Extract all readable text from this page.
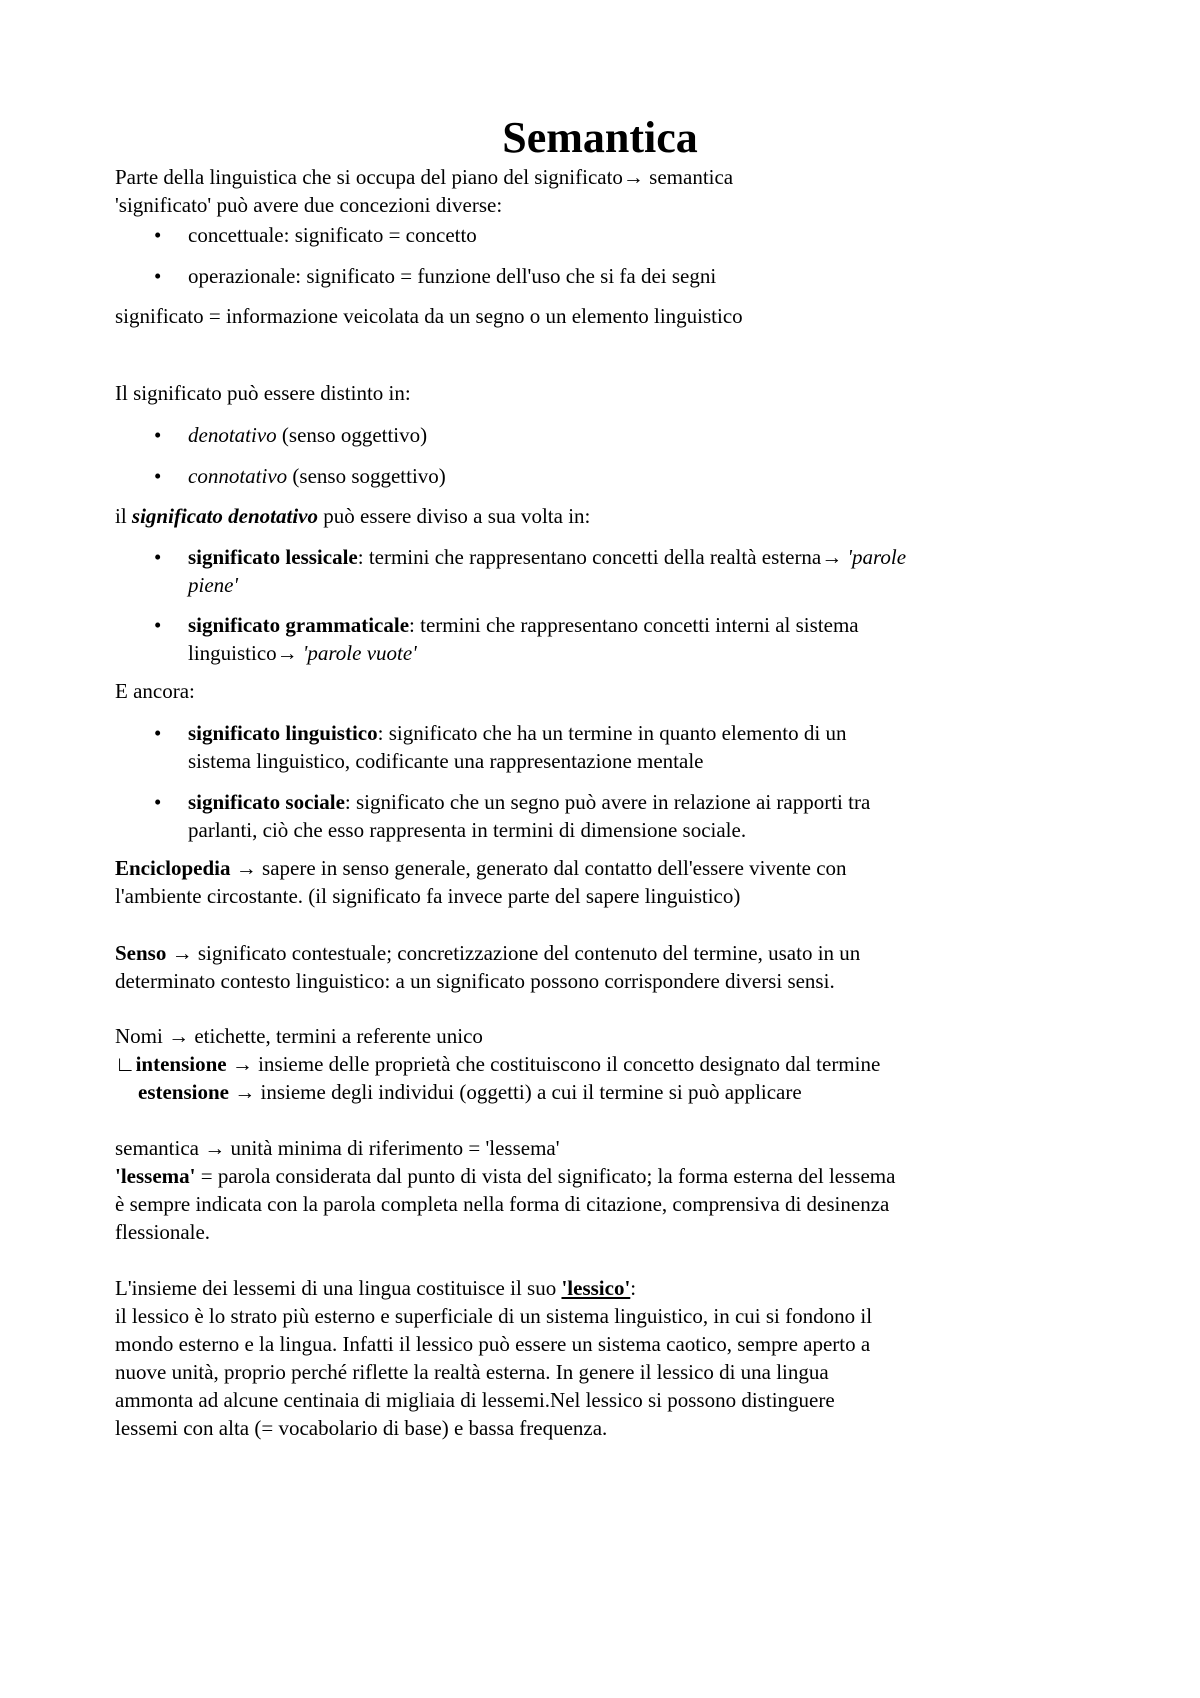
Semantica
Parte della linguistica che si occupa del piano del significato→ semantica
'significato' può avere due concezioni diverse:
• concettuale: significato = concetto
• operazionale: significato = funzione dell'uso che si fa dei segni
significato = informazione veicolata da un segno o un elemento linguistico
Il significato può essere distinto in:
• denotativo (senso oggettivo)
• connotativo (senso soggettivo)
il significato denotativo può essere diviso a sua volta in:
• significato lessicale: termini che rappresentano concetti della realtà esterna→ 'parole
piene'
• significato grammaticale: termini che rappresentano concetti interni al sistema
linguistico→ 'parole vuote'
E ancora:
• significato linguistico: significato che ha un termine in quanto elemento di un
sistema linguistico, codificante una rappresentazione mentale
• significato sociale: significato che un segno può avere in relazione ai rapporti tra
parlanti, ciò che esso rappresenta in termini di dimensione sociale.
Enciclopedia → sapere in senso generale, generato dal contatto dell'essere vivente con
l'ambiente circostante. (il significato fa invece parte del sapere linguistico)
Senso → significato contestuale; concretizzazione del contenuto del termine, usato in un
determinato contesto linguistico: a un significato possono corrispondere diversi sensi.
Nomi → etichette, termini a referente unico
∟intensione → insieme delle proprietà che costituiscono il concetto designato dal termine
estensione → insieme degli individui (oggetti) a cui il termine si può applicare
semantica → unità minima di riferimento = 'lessema'
'lessema' = parola considerata dal punto di vista del significato; la forma esterna del lessema
è sempre indicata con la parola completa nella forma di citazione, comprensiva di desinenza
flessionale.
L'insieme dei lessemi di una lingua costituisce il suo 'lessico':
il lessico è lo strato più esterno e superficiale di un sistema linguistico, in cui si fondono il
mondo esterno e la lingua. Infatti il lessico può essere un sistema caotico, sempre aperto a
nuove unità, proprio perché riflette la realtà esterna. In genere il lessico di una lingua
ammonta ad alcune centinaia di migliaia di lessemi.Nel lessico si possono distinguere
lessemi con alta (= vocabolario di base) e bassa frequenza.
